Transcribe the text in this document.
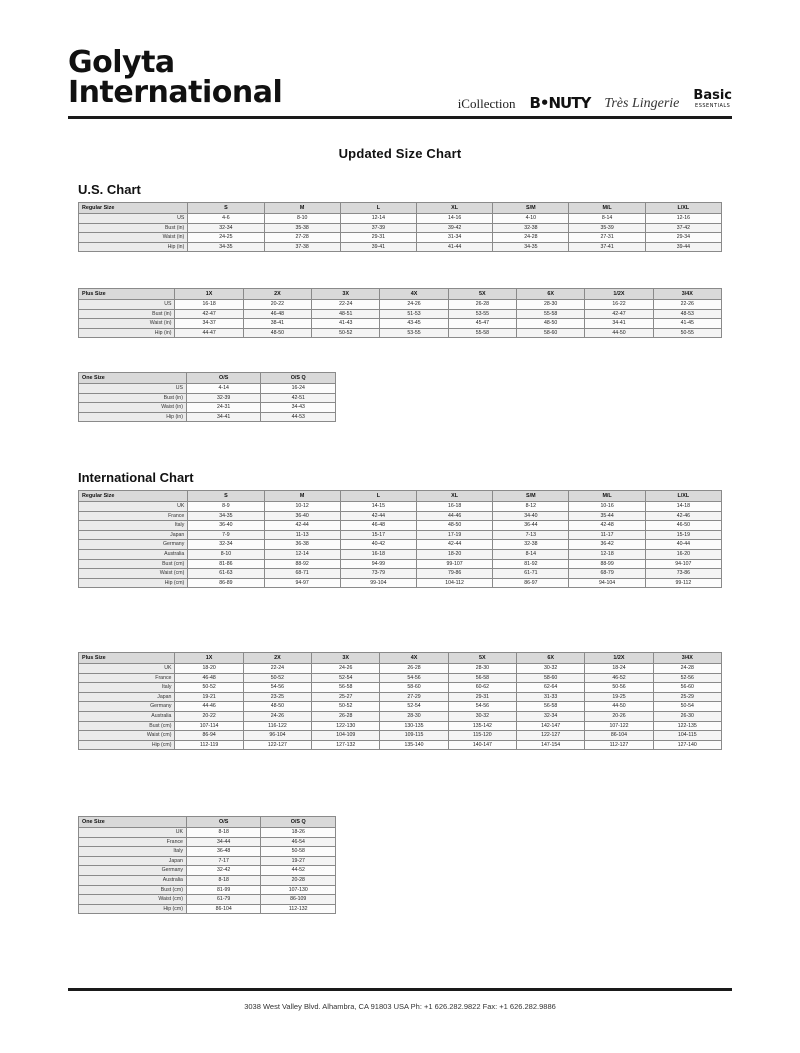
Golyta
International	iCollection B•NUTY Très Lingerie
Basic
ESSENTIALS
Updated Size Chart
U.S. Chart
Regular Size	S	M	L	XL	S/M	M/L	L/XL
US	4-6	8-10	12-14	14-16	4-10	8-14	12-16
Bust (in)	32-34	35-38	37-39	39-42	32-38	35-39	37-42
Waist (in)	24-25	27-28	29-31	31-34	24-28	27-31	29-34
Hip (in)	34-35	37-38	39-41	41-44	34-35	37-41	39-44
Plus Size	1X	2X	3X	4X	5X	6X	1/2X	3/4X
US	16-18	20-22	22-24	24-26	26-28	28-30	16-22	22-26
Bust (in)	42-47	46-48	48-51	51-53	53-55	55-58	42-47	48-53
Waist (in)	34-37	38-41	41-43	43-45	45-47	48-50	34-41	41-45
Hip (in)	44-47	48-50	50-52	53-55	55-58	58-60	44-50	50-55
One Size	O/S	O/S Q
US	4-14	16-24
Bust (in)	32-39	42-51
Waist (in)	24-31	34-43
Hip (in)	34-41	44-53
International Chart
Regular Size	S	M	L	XL	S/M	M/L	L/XL
UK	8-9	10-12	14-15	16-18	8-12	10-16	14-18
France	34-35	36-40	42-44	44-46	34-40	35-44	42-46
Italy	36-40	42-44	46-48	48-50	36-44	42-48	46-50
Japan	7-9	11-13	15-17	17-19	7-13	11-17	15-19
Germany	32-34	36-38	40-42	42-44	32-38	36-42	40-44
Australia	8-10	12-14	16-18	18-20	8-14	12-18	16-20
Bust (cm)	81-86	88-92	94-99	99-107	81-92	88-99	94-107
Waist (cm)	61-63	68-71	73-79	79-86	61-71	68-79	73-86
Hip (cm)	86-89	94-97	99-104	104-112	86-97	94-104	99-112
Plus Size	1X	2X	3X	4X	5X	6X	1/2X	3/4X
UK	18-20	22-24	24-26	26-28	28-30	30-32	18-24	24-28
France	46-48	50-52	52-54	54-56	56-58	58-60	46-52	52-56
Italy	50-52	54-56	56-58	58-60	60-62	62-64	50-56	56-60
Japan	19-21	23-25	25-27	27-29	29-31	31-33	19-25	25-29
Germany	44-46	48-50	50-52	52-54	54-56	56-58	44-50	50-54
Australia	20-22	24-26	26-28	28-30	30-32	32-34	20-26	26-30
Bust (cm)	107-114	116-122	122-130	130-135	135-142	142-147	107-122	122-135
Waist (cm)	86-94	96-104	104-109	109-115	115-120	122-127	86-104	104-115
Hip (cm)	112-119	122-127	127-132	135-140	140-147	147-154	112-127	127-140
One Size	O/S	O/S Q
UK	8-18	18-26
France	34-44	46-54
Italy	36-48	50-58
Japan	7-17	19-27
Germany	32-42	44-52
Australia	8-18	20-28
Bust (cm)	81-99	107-130
Waist (cm)	61-79	86-109
Hip (cm)	86-104	112-132
3038 West Valley Blvd. Alhambra, CA 91803 USA Ph: +1 626.282.9822 Fax: +1 626.282.9886
